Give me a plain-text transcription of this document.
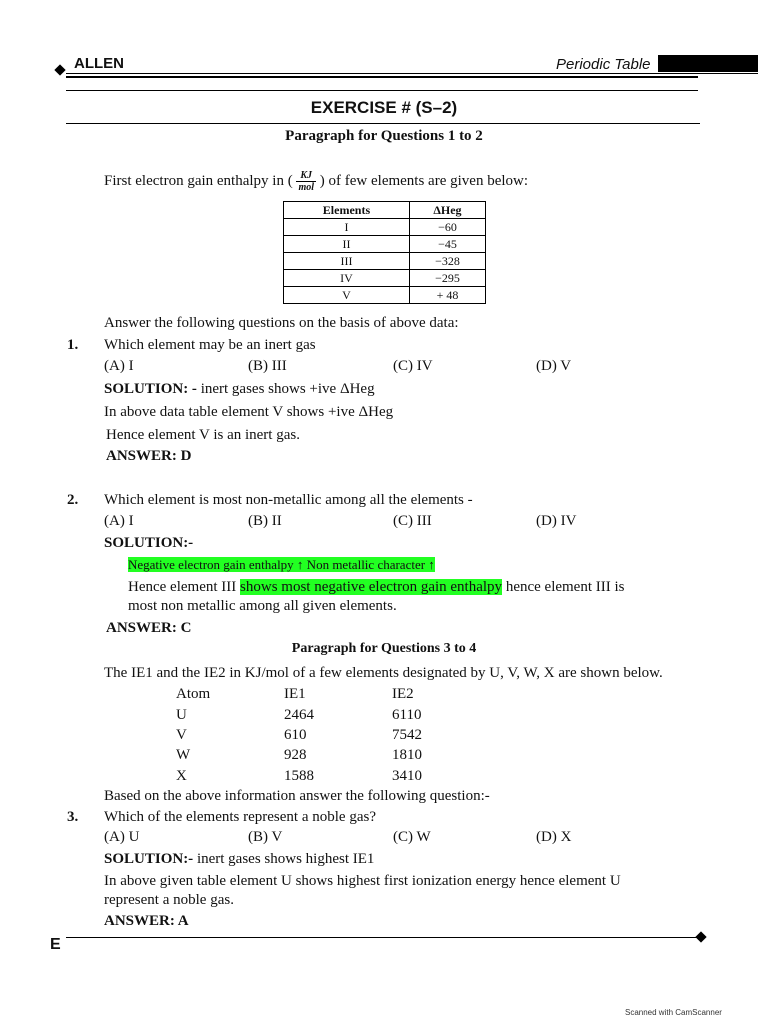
ALLEN	Periodic Table
EXERCISE # (S–2)
Paragraph for Questions 1 to 2
First electron gain enthalpy in ( $\frac{KJ}{\text{mol}}$ ) of few elements are given below:
Elements	ΔHeg
I	−60
II	−45
III	−328
IV	−295
V	+ 48
Answer the following questions on the basis of above data:
1. Which element may be an inert gas
(A) I	(B) III	(C) IV	(D) V
SOLUTION: - inert gases shows +ive ΔHeg
In above data table element V shows +ive ΔHeg
Hence element V is an inert gas.
ANSWER: D
2. Which element is most non-metallic among all the elements -
(A) I	(B) II	(C) III	(D) IV
SOLUTION:-
Negative electron gain enthalpy ↑ Non metallic character ↑
Hence element III shows most negative electron gain enthalpy hence element III is
most non metallic among all given elements.
ANSWER: C
Paragraph for Questions 3 to 4
The IE1 and the IE2 in KJ/mol of a few elements designated by U, V, W, X are shown below.
Atom	IE1	IE2
U	2464	6110
V	610	7542
W	928	1810
X	1588	3410
Based on the above information answer the following question:-
3. Which of the elements represent a noble gas?
(A) U	(B) V	(C) W	(D) X
SOLUTION:- inert gases shows highest IE1
In above given table element U shows highest first ionization energy hence element U
represent a noble gas.
ANSWER: A
E
Scanned with CamScanner
